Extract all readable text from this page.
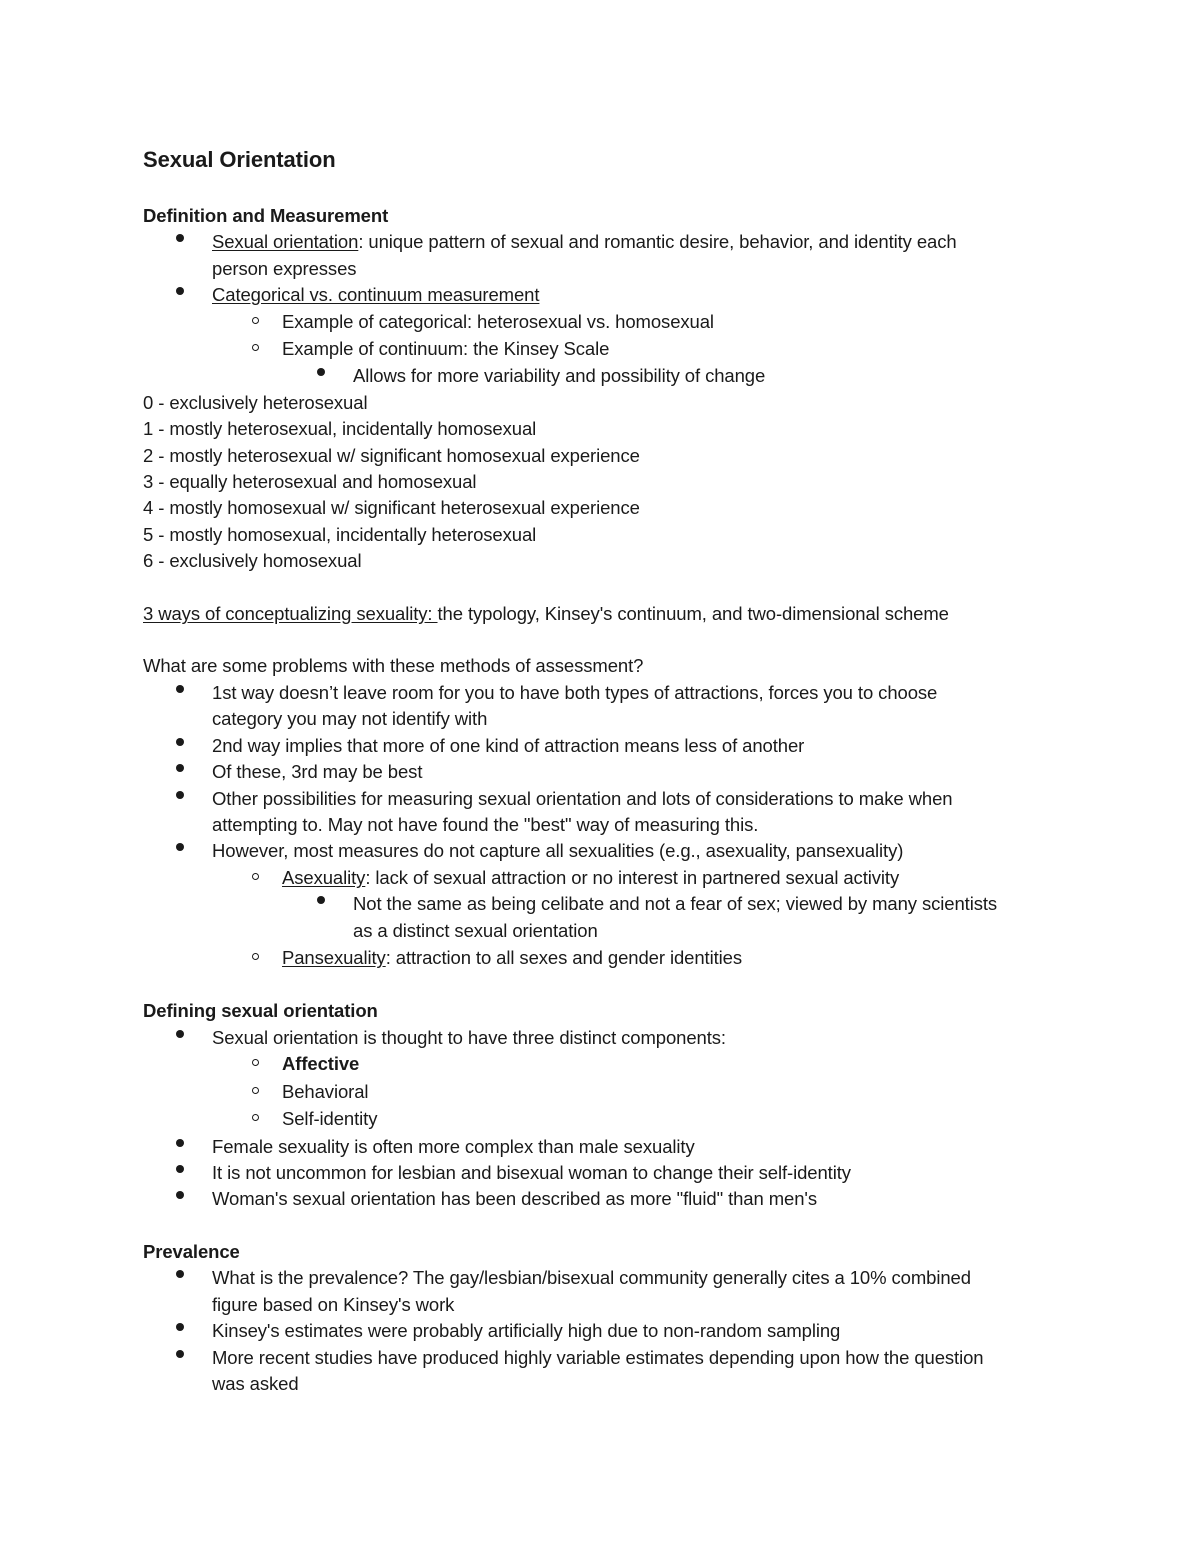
Sexual Orientation
Definition and Measurement
Sexual orientation: unique pattern of sexual and romantic desire, behavior, and identity each
person expresses
Categorical vs. continuum measurement
Example of categorical: heterosexual vs. homosexual
Example of continuum: the Kinsey Scale
Allows for more variability and possibility of change
0 - exclusively heterosexual
1 - mostly heterosexual, incidentally homosexual
2 - mostly heterosexual w/ significant homosexual experience
3 - equally heterosexual and homosexual
4 - mostly homosexual w/ significant heterosexual experience
5 - mostly homosexual, incidentally heterosexual
6 - exclusively homosexual
3 ways of conceptualizing sexuality: the typology, Kinsey's continuum, and two-dimensional scheme
What are some problems with these methods of assessment?
1st way doesn’t leave room for you to have both types of attractions, forces you to choose
category you may not identify with
2nd way implies that more of one kind of attraction means less of another
Of these, 3rd may be best
Other possibilities for measuring sexual orientation and lots of considerations to make when
attempting to. May not have found the "best" way of measuring this.
However, most measures do not capture all sexualities (e.g., asexuality, pansexuality)
Asexuality: lack of sexual attraction or no interest in partnered sexual activity
Not the same as being celibate and not a fear of sex; viewed by many scientists
as a distinct sexual orientation
Pansexuality: attraction to all sexes and gender identities
Defining sexual orientation
Sexual orientation is thought to have three distinct components:
Affective
Behavioral
Self-identity
Female sexuality is often more complex than male sexuality
It is not uncommon for lesbian and bisexual woman to change their self-identity
Woman's sexual orientation has been described as more "fluid" than men's
Prevalence
What is the prevalence? The gay/lesbian/bisexual community generally cites a 10% combined
figure based on Kinsey's work
Kinsey's estimates were probably artificially high due to non-random sampling
More recent studies have produced highly variable estimates depending upon how the question
was asked
